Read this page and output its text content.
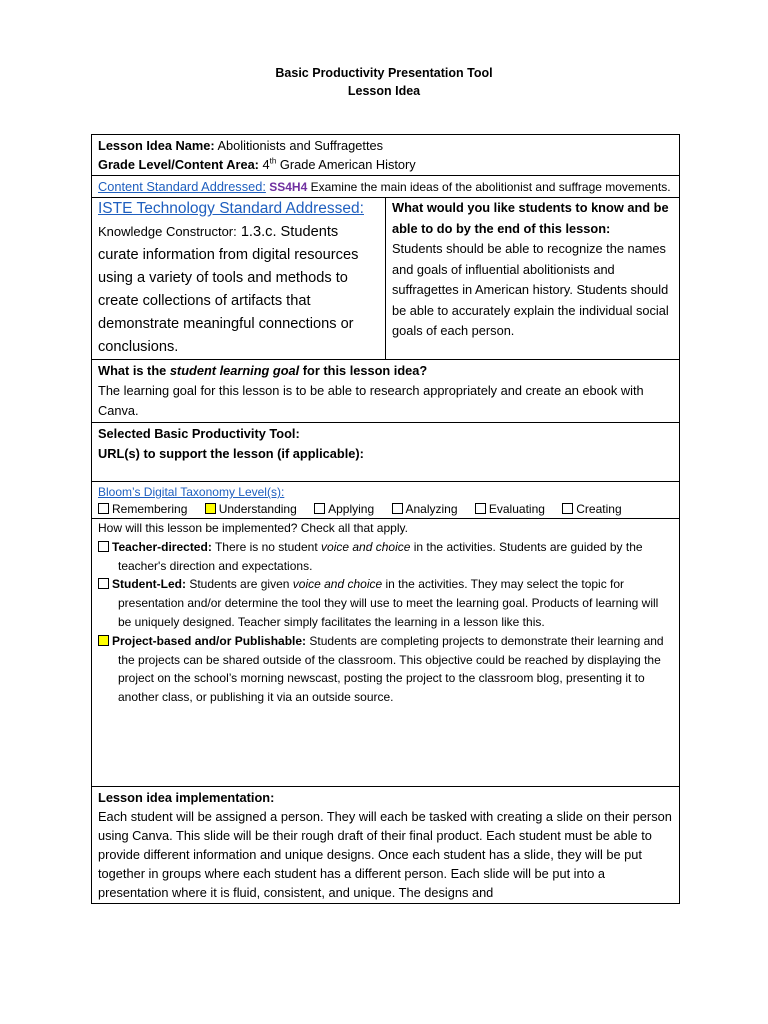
Basic Productivity Presentation Tool
Lesson Idea
Lesson Idea Name: Abolitionists and Suffragettes
Grade Level/Content Area: 4th Grade American History

Content Standard Addressed: SS4H4 Examine the main ideas of the abolitionist and suffrage movements.

ISTE Technology Standard Addressed:
Knowledge Constructor: 1.3.c. Students curate information from digital resources using a variety of tools and methods to create collections of artifacts that demonstrate meaningful connections or conclusions.

What would you like students to know and be able to do by the end of this lesson:
Students should be able to recognize the names and goals of influential abolitionists and suffragettes in American history. Students should be able to accurately explain the individual social goals of each person.

What is the student learning goal for this lesson idea?
The learning goal for this lesson is to be able to research appropriately and create an ebook with Canva.

Selected Basic Productivity Tool:
URL(s) to support the lesson (if applicable):

Bloom’s Digital Taxonomy Level(s):
Remembering	Understanding	Applying	Analyzing	Evaluating	Creating

How will this lesson be implemented? Check all that apply.
Teacher-directed: There is no student voice and choice in the activities. Students are guided by the teacher's direction and expectations.
Student-Led: Students are given voice and choice in the activities. They may select the topic for presentation and/or determine the tool they will use to meet the learning goal. Products of learning will be uniquely designed. Teacher simply facilitates the learning in a lesson like this.
Project-based and/or Publishable: Students are completing projects to demonstrate their learning and the projects can be shared outside of the classroom. This objective could be reached by displaying the project on the school’s morning newscast, posting the project to the classroom blog, presenting it to another class, or publishing it via an outside source.

Lesson idea implementation:
Each student will be assigned a person. They will each be tasked with creating a slide on their person using Canva. This slide will be their rough draft of their final product. Each student must be able to provide different information and unique designs. Once each student has a slide, they will be put together in groups where each student has a different person. Each slide will be put into a presentation where it is fluid, consistent, and unique. The designs and
